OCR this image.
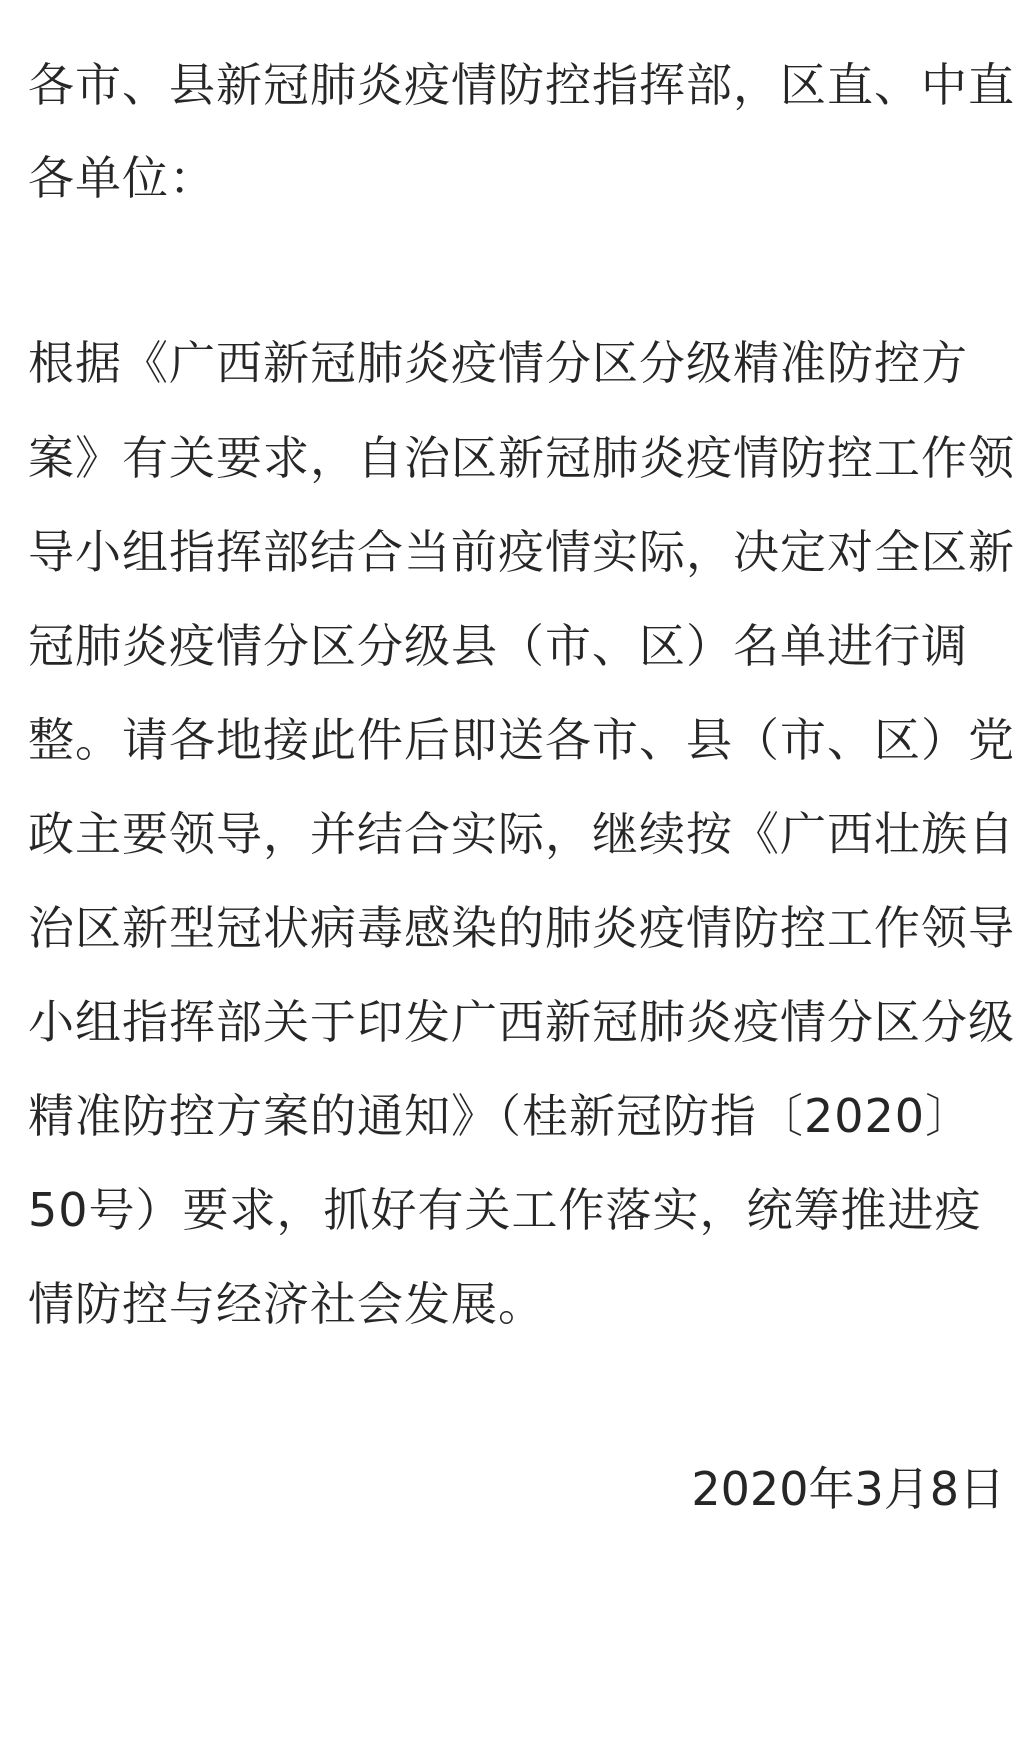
各市、县新冠肺炎疫情防控指挥部，区直、中直
各单位：
根据《广西新冠肺炎疫情分区分级精准防控方
案》有关要求，自治区新冠肺炎疫情防控工作领
导小组指挥部结合当前疫情实际，决定对全区新
冠肺炎疫情分区分级县（市、区）名单进行调
整。请各地接此件后即送各市、县（市、区）党
政主要领导，并结合实际，继续按《广西壮族自
治区新型冠状病毒感染的肺炎疫情防控工作领导
小组指挥部关于印发广西新冠肺炎疫情分区分级
精准防控方案的通知》（桂新冠防指〔2020〕
50号）要求，抓好有关工作落实，统筹推进疫
情防控与经济社会发展。
2020年3月8日
